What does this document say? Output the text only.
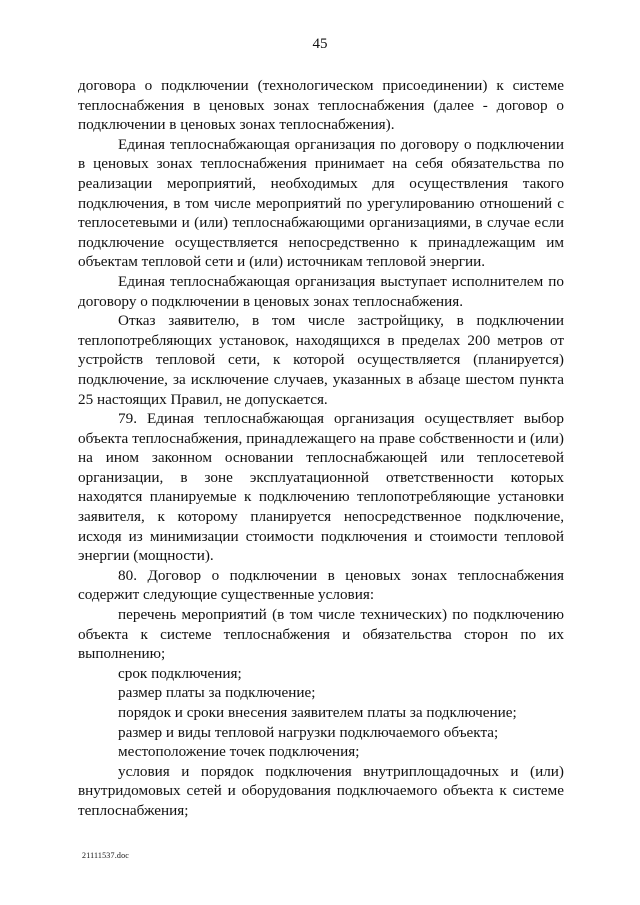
45

договора о подключении (технологическом присоединении) к системе теплоснабжения в ценовых зонах теплоснабжения (далее - договор о подключении в ценовых зонах теплоснабжения).

Единая теплоснабжающая организация по договору о подключении в ценовых зонах теплоснабжения принимает на себя обязательства по реализации мероприятий, необходимых для осуществления такого подключения, в том числе мероприятий по урегулированию отношений с теплосетевыми и (или) теплоснабжающими организациями, в случае если подключение осуществляется непосредственно к принадлежащим им объектам тепловой сети и (или) источникам тепловой энергии.

Единая теплоснабжающая организация выступает исполнителем по договору о подключении в ценовых зонах теплоснабжения.

Отказ заявителю, в том числе застройщику, в подключении теплопотребляющих установок, находящихся в пределах 200 метров от устройств тепловой сети, к которой осуществляется (планируется) подключение, за исключение случаев, указанных в абзаце шестом пункта 25 настоящих Правил, не допускается.

79. Единая теплоснабжающая организация осуществляет выбор объекта теплоснабжения, принадлежащего на праве собственности и (или) на ином законном основании теплоснабжающей или теплосетевой организации, в зоне эксплуатационной ответственности которых находятся планируемые к подключению теплопотребляющие установки заявителя, к которому планируется непосредственное подключение, исходя из минимизации стоимости подключения и стоимости тепловой энергии (мощности).

80. Договор о подключении в ценовых зонах теплоснабжения содержит следующие существенные условия:

перечень мероприятий (в том числе технических) по подключению объекта к системе теплоснабжения и обязательства сторон по их выполнению;

срок подключения;

размер платы за подключение;

порядок и сроки внесения заявителем платы за подключение;

размер и виды тепловой нагрузки подключаемого объекта;

местоположение точек подключения;

условия и порядок подключения внутриплощадочных и (или) внутридомовых сетей и оборудования подключаемого объекта к системе теплоснабжения;

21111537.doc
